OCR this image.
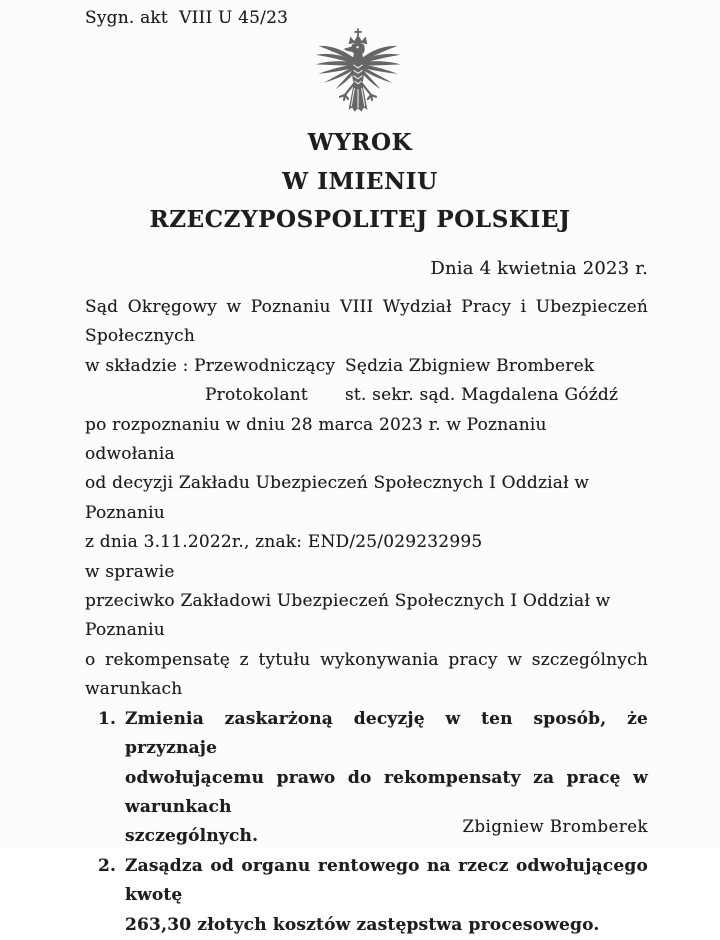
Sygn. akt  VIII U 45/23
WYROK
W IMIENIU
RZECZYPOSPOLITEJ POLSKIEJ
Dnia 4 kwietnia 2023 r.
Sąd Okręgowy w Poznaniu VIII Wydział Pracy i Ubezpieczeń
Społecznych
w składzie : Przewodniczący Sędzia Zbigniew Bromberek
Protokolant	st. sekr. sąd. Magdalena Góźdź
po rozpoznaniu w dniu 28 marca 2023 r. w Poznaniu
odwołania
od decyzji Zakładu Ubezpieczeń Społecznych I Oddział w Poznaniu
z dnia 3.11.2022r., znak: END/25/029232995
w sprawie
przeciwko Zakładowi Ubezpieczeń Społecznych I Oddział w Poznaniu
o rekompensatę z tytułu wykonywania pracy w szczególnych
warunkach
1. Zmienia zaskarżoną decyzję w ten sposób, że przyznaje
odwołującemu prawo do rekompensaty za pracę w warunkach
szczególnych.
2. Zasądza od organu rentowego na rzecz odwołującego kwotę
263,30 złotych kosztów zastępstwa procesowego.
Zbigniew Bromberek
